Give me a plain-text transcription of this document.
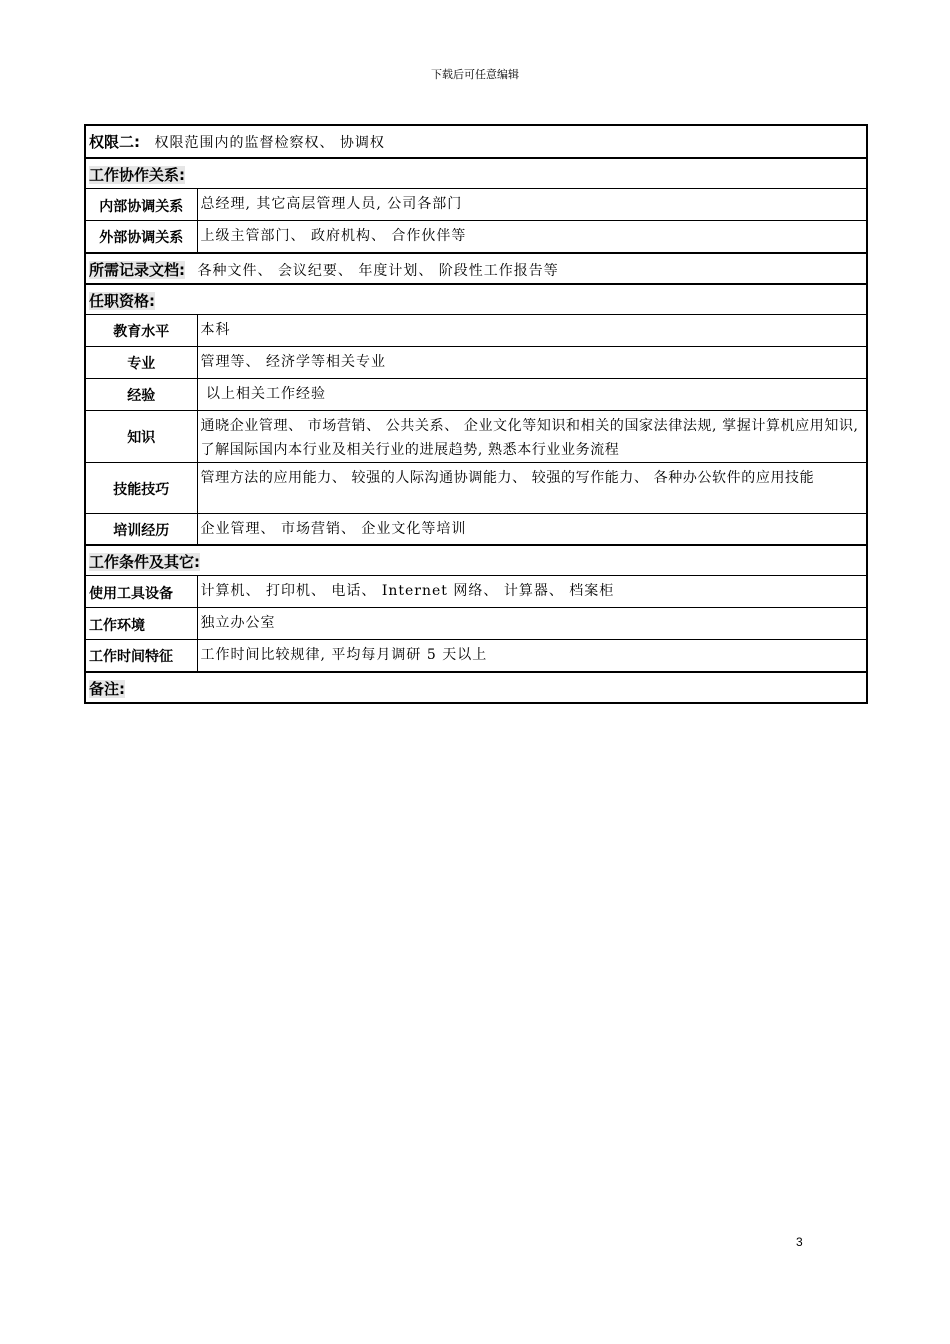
下载后可任意编辑
权限二: 权限范围内的监督检察权、 协调权	
工作协作关系:	
内部协调关系	总经理, 其它高层管理人员, 公司各部门
外部协调关系	上级主管部门、 政府机构、 合作伙伴等
所需记录文档: 各种文件、 会议纪要、 年度计划、 阶段性工作报告等	
任职资格:	
教育水平	本科
专业	管理等、 经济学等相关专业
经验	以上相关工作经验
知识	通晓企业管理、 市场营销、 公共关系、 企业文化等知识和相关的国家法律法规, 掌握计算机应用知识, 了解国际国内本行业及相关行业的进展趋势, 熟悉本行业业务流程
技能技巧	管理方法的应用能力、 较强的人际沟通协调能力、 较强的写作能力、 各种办公软件的应用技能
培训经历	企业管理、 市场营销、 企业文化等培训
工作条件及其它:	
使用工具设备	计算机、 打印机、 电话、 Internet 网络、 计算器、 档案柜
工作环境	独立办公室
工作时间特征	工作时间比较规律, 平均每月调研 5 天以上
备注:	
3
